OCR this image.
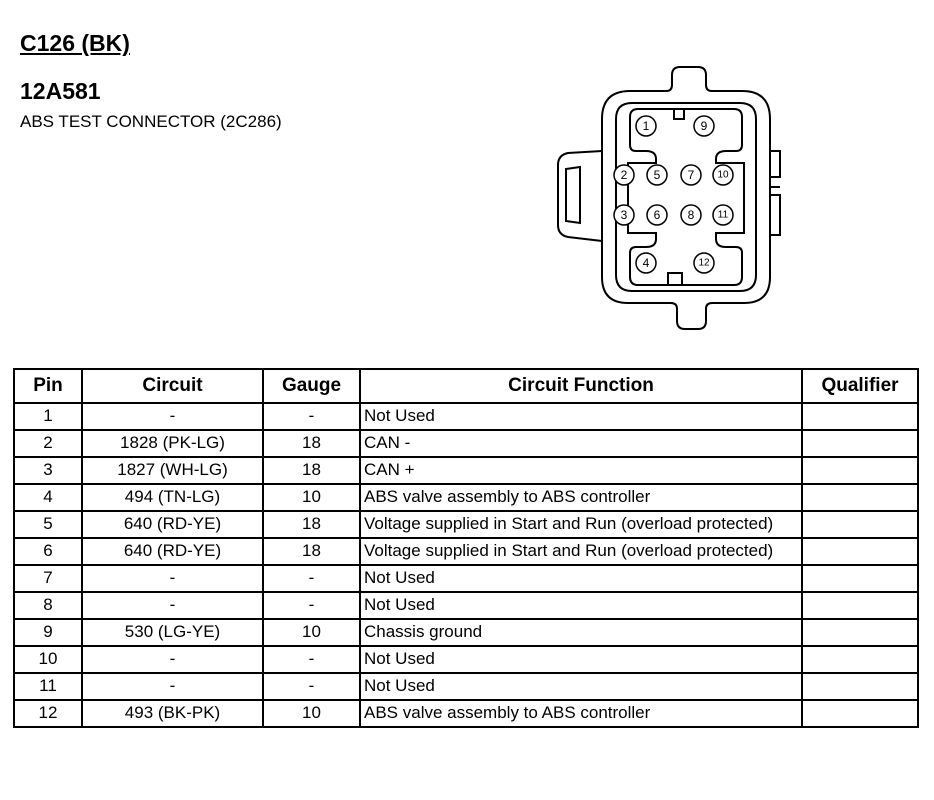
C126 (BK)
12A581

ABS TEST CONNECTOR (2C286)	1	9
2 5 7 10
3 6 8 11
4	12
Pin	Circuit	Gauge	Circuit Function	Qualifier
1	-	-	Not Used	
2	1828 (PK-LG)	18	CAN -	
3	1827 (WH-LG)	18	CAN +	
4	494 (TN-LG)	10	ABS valve assembly to ABS controller	
5	640 (RD-YE)	18	Voltage supplied in Start and Run (overload protected)	
6	640 (RD-YE)	18	Voltage supplied in Start and Run (overload protected)	
7	-	-	Not Used	
8	-	-	Not Used	
9	530 (LG-YE)	10	Chassis ground	
10	-	-	Not Used	
11	-	-	Not Used	
12	493 (BK-PK)	10	ABS valve assembly to ABS controller	
